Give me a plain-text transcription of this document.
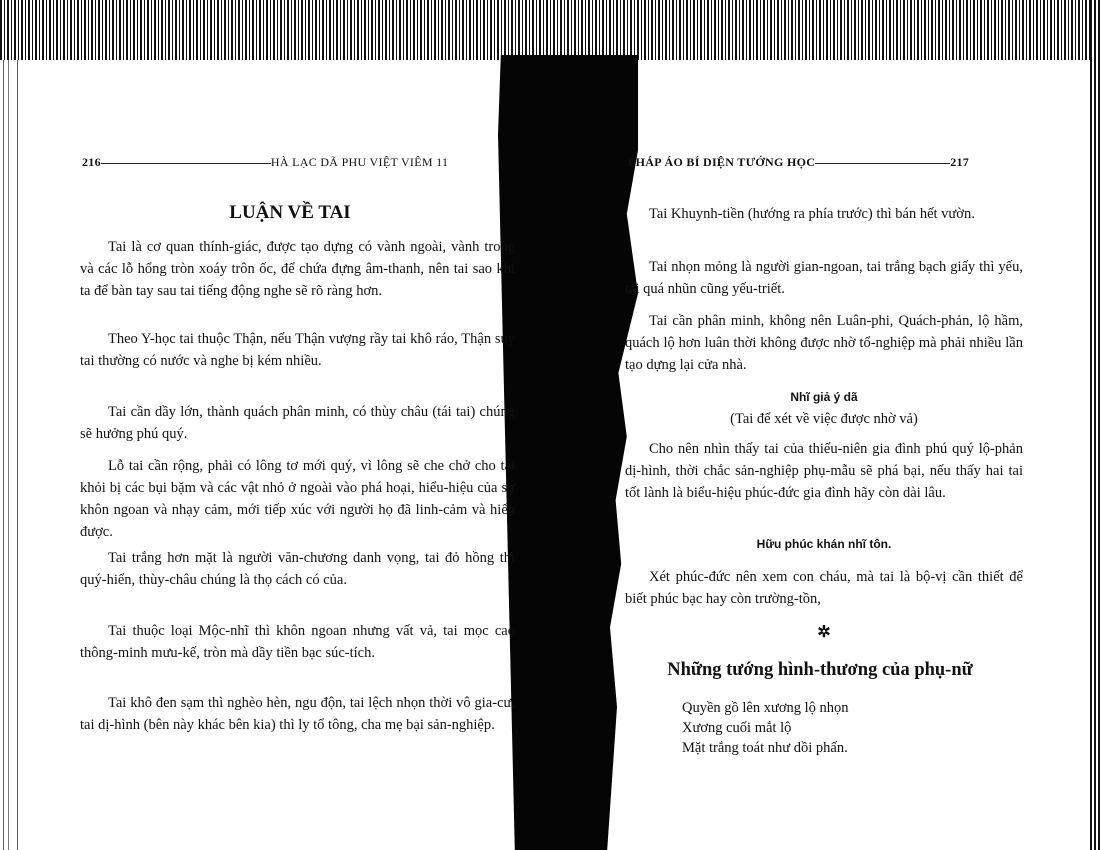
216	HÀ LẠC DÃ PHU VIỆT VIÊM 11
LUẬN VỀ TAI

Tai là cơ quan thính-giác, được tạo dựng có vành ngoài, vành trong và các lỗ hổng tròn xoáy trôn ốc, để chứa đựng âm-thanh, nên tai sao khi ta để bàn tay sau tai tiếng động nghe sẽ rõ ràng hơn.

Theo Y-học tai thuộc Thận, nếu Thận vượng rầy tai khô ráo, Thận suy tai thường có nước và nghe bị kém nhiều.

Tai cần dầy lớn, thành quách phân minh, có thùy châu (tái tai) chúng sẽ hưởng phú quý.

Lỗ tai cần rộng, phải có lông tơ mới quý, vì lông sẽ che chở cho tai khỏi bị các bụi bặm và các vật nhỏ ở ngoài vào phá hoại, hiểu-hiệu của sự khôn ngoan và nhạy cảm, mới tiếp xúc với người họ đã linh-cảm và hiểu được.

Tai trắng hơn mặt là người văn-chương danh vọng, tai đỏ hồng thì quý-hiển, thùy-châu chúng là thọ cách có của.

Tai thuộc loại Mộc-nhĩ thì khôn ngoan nhưng vất vả, tai mọc cao thông-minh mưu-kế, tròn mà dầy tiền bạc súc-tích.

Tai khô đen sạm thì nghèo hèn, ngu độn, tai lệch nhọn thời vô gia-cư, tai dị-hình (bên này khác bên kia) thì ly tổ tông, cha mẹ bại sản-nghiệp.

PHÁP ÁO BÍ DIỆN TƯỚNG HỌC	217

Tai Khuynh-tiền (hướng ra phía trước) thì bán hết vườn.

Tai nhọn mỏng là người gian-ngoan, tai trắng bạch giấy thì yếu, tai quá nhũn cũng yếu-triết.

Tai cần phân minh, không nên Luân-phi, Quách-phản, lộ hầm, quách lộ hơn luân thời không được nhờ tổ-nghiệp mà phải nhiều lần tạo dựng lại cửa nhà.

Nhĩ giả ý dã
(Tai để xét về việc được nhờ vả)

Cho nên nhìn thấy tai của thiếu-niên gia đình phú quý lộ-phản dị-hình, thời chắc sản-nghiệp phụ-mẫu sẽ phá bại, nếu thấy hai tai tốt lành là biểu-hiệu phúc-đức gia đình hãy còn dài lâu.

Hữu phúc khán nhĩ tôn.

Xét phúc-đức nên xem con cháu, mà tai là bộ-vị cần thiết để biết phúc bạc hay còn trường-tồn,

✲
Những tướng hình-thương của phụ-nữ
Quyền gồ lên xương lộ nhọn
Xương cuối mắt lộ
Mặt trắng toát như dồi phấn.
